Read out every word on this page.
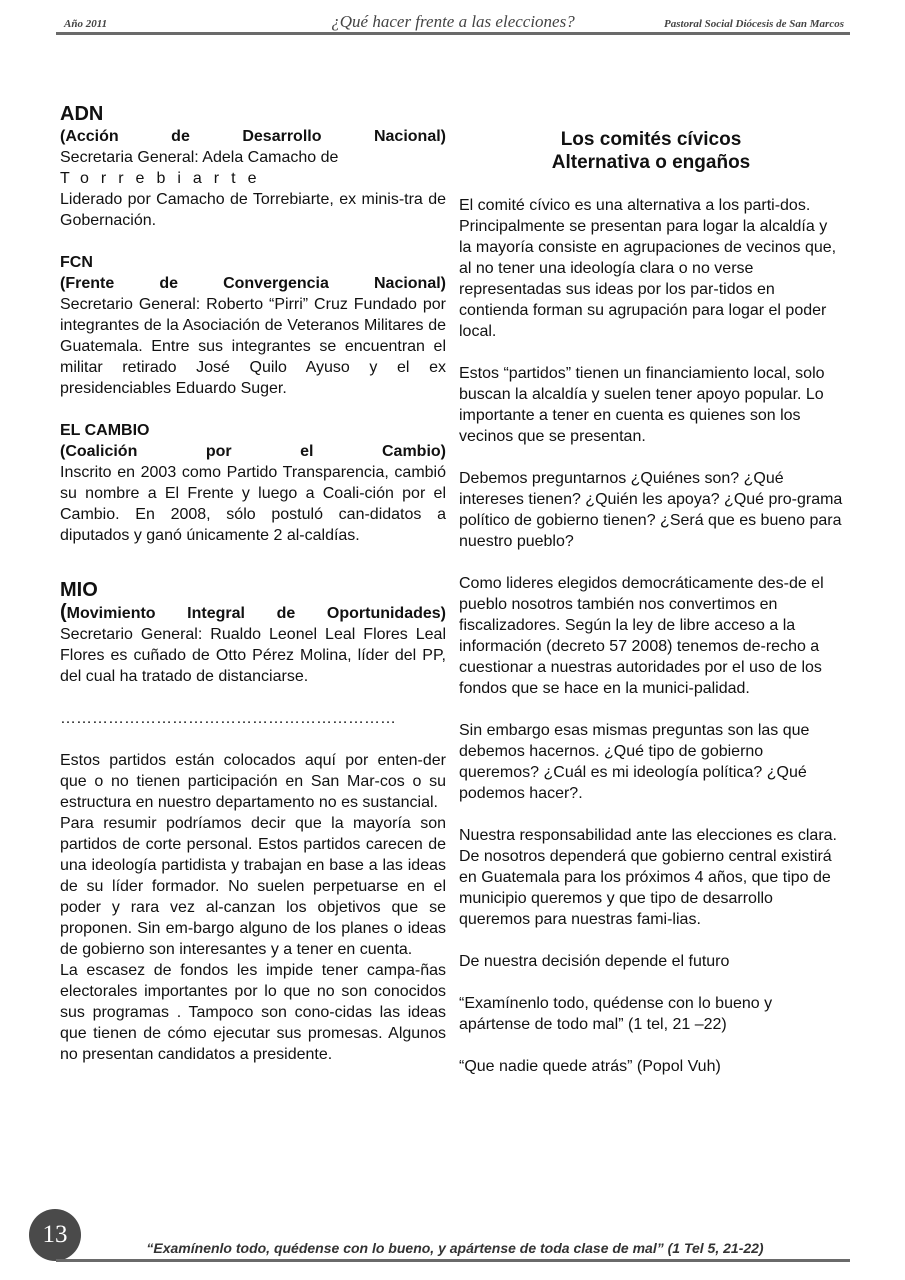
Año 2011	¿Qué hacer frente a las elecciones?	Pastoral Social Diócesis de San Marcos

ADN

(Acción de Desarrollo Nacional)

Secretaria General: Adela Camacho de

Torrebiarte

Liderado por Camacho de Torrebiarte, ex minis-tra de Gobernación.

FCN

(Frente de Convergencia Nacional)

Secretario General: Roberto “Pirri” Cruz Fundado por integrantes de la Asociación de Veteranos Militares de Guatemala. Entre sus integrantes se encuentran el militar retirado José Quilo Ayuso y el ex presidenciables Eduardo Suger.

EL CAMBIO

(Coalición por el Cambio)

Inscrito en 2003 como Partido Transparencia, cambió su nombre a El Frente y luego a Coali-ción por el Cambio. En 2008, sólo postuló can-didatos a diputados y ganó únicamente 2 al-caldías.

MIO

(Movimiento Integral de Oportunidades)

Secretario General: Rualdo Leonel Leal Flores Leal Flores es cuñado de Otto Pérez Molina, líder del PP, del cual ha tratado de distanciarse.

………………………………………………………

Estos partidos están colocados aquí por enten-der que o no tienen participación en San Mar-cos o su estructura en nuestro departamento no es sustancial.

Para resumir podríamos decir que la mayoría son partidos de corte personal. Estos partidos carecen de una ideología partidista y trabajan en base a las ideas de su líder formador. No suelen perpetuarse en el poder y rara vez al-canzan los objetivos que se proponen. Sin em-bargo alguno de los planes o ideas de gobierno son interesantes y a tener en cuenta.

La escasez de fondos les impide tener campa-ñas electorales importantes por lo que no son conocidos sus programas . Tampoco son cono-cidas las ideas que tienen de cómo ejecutar sus promesas. Algunos no presentan candidatos a presidente.

Los comités cívicos

Alternativa o engaños

El comité cívico es una alternativa a los parti-dos. Principalmente se presentan para logar la alcaldía y la mayoría consiste en agrupaciones de vecinos que, al no tener una ideología clara o no verse representadas sus ideas por los par-tidos en contienda forman su agrupación para logar el poder local.

Estos “partidos” tienen un financiamiento local, solo buscan la alcaldía y suelen tener apoyo popular. Lo importante a tener en cuenta es quienes son los vecinos que se presentan.

Debemos preguntarnos ¿Quiénes son? ¿Qué intereses tienen? ¿Quién les apoya? ¿Qué pro-grama político de gobierno tienen? ¿Será que es bueno para nuestro pueblo?

Como lideres elegidos democráticamente des-de el pueblo nosotros también nos convertimos en fiscalizadores. Según la ley de libre acceso a la información (decreto 57 2008) tenemos de-recho a cuestionar a nuestras autoridades por el uso de los fondos que se hace en la munici-palidad.

Sin embargo esas mismas preguntas son las que debemos hacernos. ¿Qué tipo de gobierno queremos? ¿Cuál es mi ideología política? ¿Qué podemos hacer?.

Nuestra responsabilidad ante las elecciones es clara. De nosotros dependerá que gobierno central existirá en Guatemala para los próximos 4 años, que tipo de municipio queremos y que tipo de desarrollo queremos para nuestras fami-lias.

De nuestra decisión depende el futuro

“Examínenlo todo, quédense con lo bueno y apártense de todo mal” (1 tel, 21 –22)

“Que nadie quede atrás” (Popol Vuh)

13	“Examínenlo todo, quédense con lo bueno, y apártense de toda clase de mal” (1 Tel 5, 21-22)
